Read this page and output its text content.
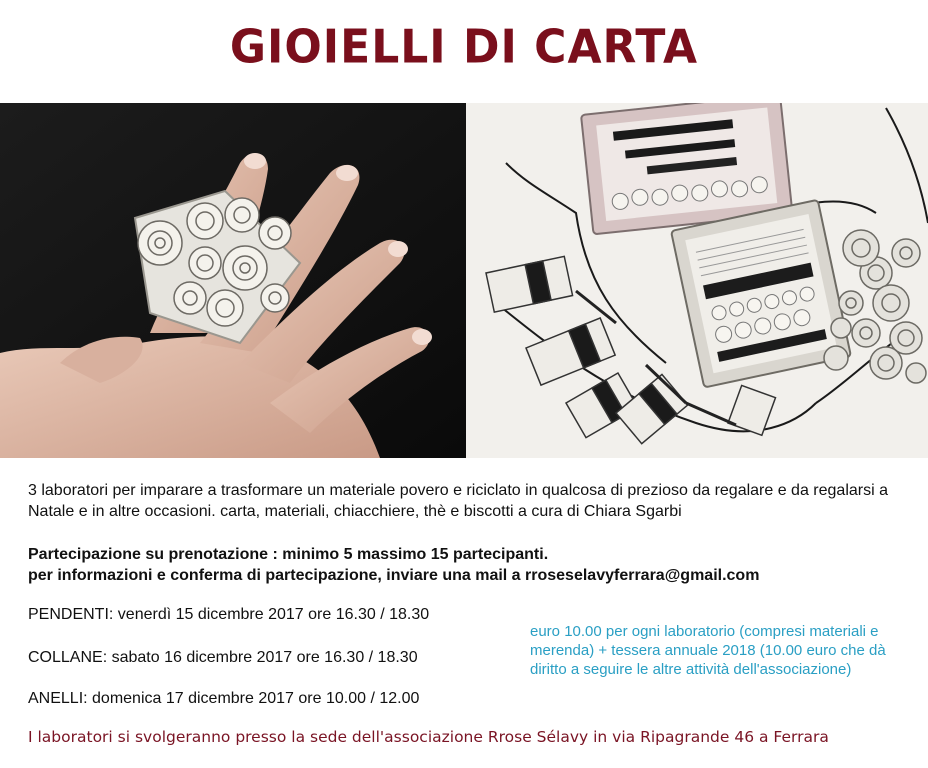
GIOIELLI DI CARTA
3 laboratori per imparare a trasformare un materiale povero e riciclato in qualcosa di prezioso da regalare e da regalarsi a Natale e in altre occasioni. carta, materiali, chiacchiere, thè e biscotti a cura di Chiara Sgarbi
Partecipazione su prenotazione : minimo 5 massimo 15 partecipanti.
per informazioni e conferma di partecipazione, inviare una mail a rroseselavyferrara@gmail.com
PENDENTI: venerdì 15 dicembre 2017 ore 16.30 / 18.30
COLLANE: sabato 16 dicembre 2017 ore 16.30 / 18.30
ANELLI: domenica 17 dicembre 2017 ore 10.00 / 12.00
euro 10.00 per ogni laboratorio (compresi materiali e merenda) + tessera annuale 2018 (10.00 euro che dà diritto a seguire le altre attività dell'associazione)
I laboratori si svolgeranno presso la sede dell'associazione Rrose Sélavy in via Ripagrande 46 a Ferrara
